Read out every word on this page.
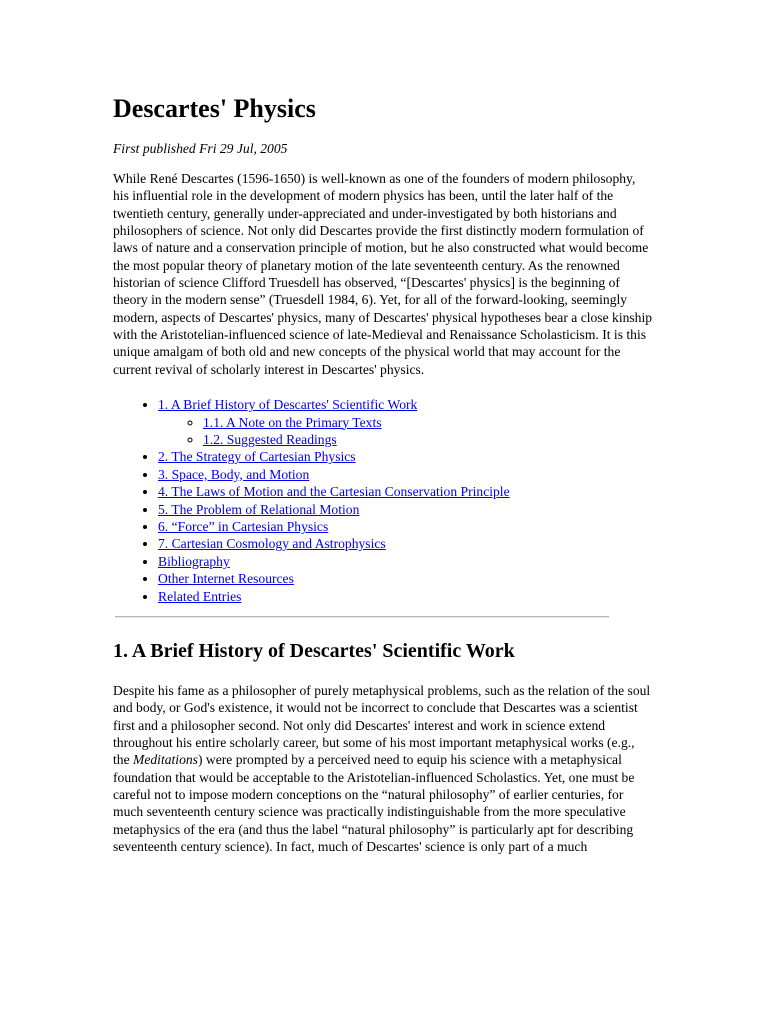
Descartes' Physics
First published Fri 29 Jul, 2005

While René Descartes (1596-1650) is well-known as one of the founders of modern philosophy, his influential role in the development of modern physics has been, until the later half of the twentieth century, generally under-appreciated and under-investigated by both historians and philosophers of science. Not only did Descartes provide the first distinctly modern formulation of laws of nature and a conservation principle of motion, but he also constructed what would become the most popular theory of planetary motion of the late seventeenth century. As the renowned historian of science Clifford Truesdell has observed, “[Descartes' physics] is the beginning of theory in the modern sense” (Truesdell 1984, 6). Yet, for all of the forward-looking, seemingly modern, aspects of Descartes' physics, many of Descartes' physical hypotheses bear a close kinship with the Aristotelian-influenced science of late-Medieval and Renaissance Scholasticism. It is this unique amalgam of both old and new concepts of the physical world that may account for the current revival of scholarly interest in Descartes' physics.

• 1. A Brief History of Descartes' Scientific Work
◦ 1.1. A Note on the Primary Texts
◦ 1.2. Suggested Readings
• 2. The Strategy of Cartesian Physics
• 3. Space, Body, and Motion
• 4. The Laws of Motion and the Cartesian Conservation Principle
• 5. The Problem of Relational Motion
• 6. “Force” in Cartesian Physics
• 7. Cartesian Cosmology and Astrophysics
• Bibliography
• Other Internet Resources
• Related Entries
1. A Brief History of Descartes' Scientific Work

Despite his fame as a philosopher of purely metaphysical problems, such as the relation of the soul and body, or God's existence, it would not be incorrect to conclude that Descartes was a scientist first and a philosopher second. Not only did Descartes' interest and work in science extend throughout his entire scholarly career, but some of his most important metaphysical works (e.g., the Meditations) were prompted by a perceived need to equip his science with a metaphysical foundation that would be acceptable to the Aristotelian-influenced Scholastics. Yet, one must be careful not to impose modern conceptions on the “natural philosophy” of earlier centuries, for much seventeenth century science was practically indistinguishable from the more speculative metaphysics of the era (and thus the label “natural philosophy” is particularly apt for describing seventeenth century science). In fact, much of Descartes' science is only part of a much
